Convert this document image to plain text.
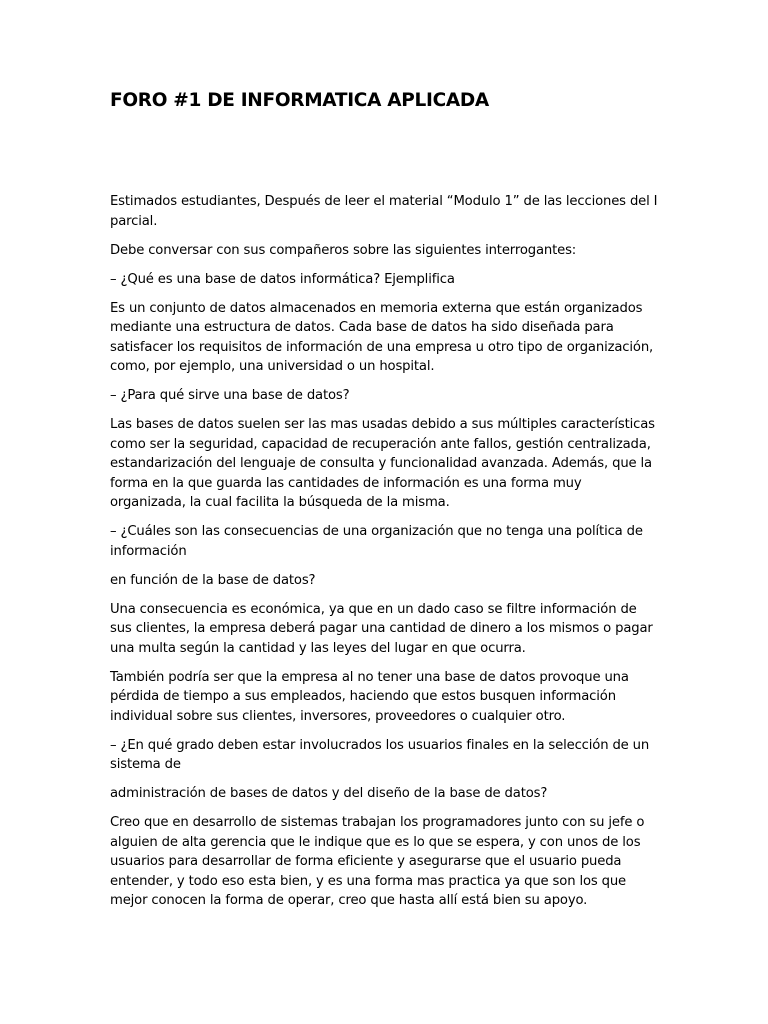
FORO #1 DE INFORMATICA APLICADA

Estimados estudiantes, Después de leer el material “Modulo 1” de las lecciones del I parcial.

Debe conversar con sus compañeros sobre las siguientes interrogantes:

– ¿Qué es una base de datos informática? Ejemplifica

Es un conjunto de datos almacenados en memoria externa que están organizados mediante una estructura de datos. Cada base de datos ha sido diseñada para satisfacer los requisitos de información de una empresa u otro tipo de organización, como, por ejemplo, una universidad o un hospital.

– ¿Para qué sirve una base de datos?

Las bases de datos suelen ser las mas usadas debido a sus múltiples características como ser la seguridad, capacidad de recuperación ante fallos, gestión centralizada, estandarización del lenguaje de consulta y funcionalidad avanzada. Además, que la forma en la que guarda las cantidades de información es una forma muy organizada, la cual facilita la búsqueda de la misma.

– ¿Cuáles son las consecuencias de una organización que no tenga una política de información

en función de la base de datos?

Una consecuencia es económica, ya que en un dado caso se filtre información de sus clientes, la empresa deberá pagar una cantidad de dinero a los mismos o pagar una multa según la cantidad y las leyes del lugar en que ocurra.

También podría ser que la empresa al no tener una base de datos provoque una pérdida de tiempo a sus empleados, haciendo que estos busquen información individual sobre sus clientes, inversores, proveedores o cualquier otro.

– ¿En qué grado deben estar involucrados los usuarios finales en la selección de un sistema de

administración de bases de datos y del diseño de la base de datos?

Creo que en desarrollo de sistemas trabajan los programadores junto con su jefe o alguien de alta gerencia que le indique que es lo que se espera, y con unos de los usuarios para desarrollar de forma eficiente y asegurarse que el usuario pueda entender, y todo eso esta bien, y es una forma mas practica ya que son los que mejor conocen la forma de operar, creo que hasta allí está bien su apoyo.
